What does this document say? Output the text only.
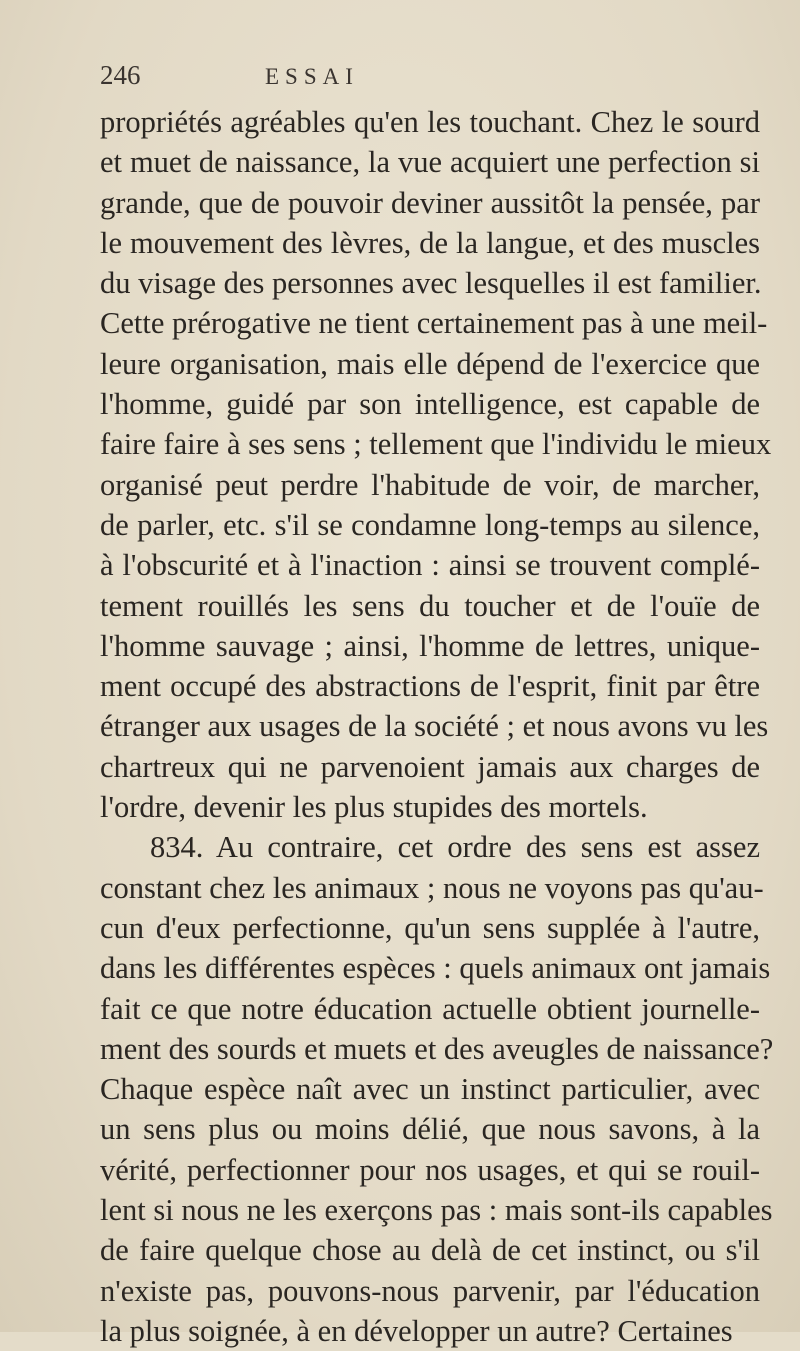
246	ESSAI
propriétés agréables qu'en les touchant. Chez le sourd
et muet de naissance, la vue acquiert une perfection si
grande, que de pouvoir deviner aussitôt la pensée, par
le mouvement des lèvres, de la langue, et des muscles
du visage des personnes avec lesquelles il est familier.
Cette prérogative ne tient certainement pas à une meil-
leure organisation, mais elle dépend de l'exercice que
l'homme, guidé par son intelligence, est capable de
faire faire à ses sens ; tellement que l'individu le mieux
organisé peut perdre l'habitude de voir, de marcher,
de parler, etc. s'il se condamne long-temps au silence,
à l'obscurité et à l'inaction : ainsi se trouvent complé-
tement rouillés les sens du toucher et de l'ouïe de
l'homme sauvage ; ainsi, l'homme de lettres, unique-
ment occupé des abstractions de l'esprit, finit par être
étranger aux usages de la société ; et nous avons vu les
chartreux qui ne parvenoient jamais aux charges de
l'ordre, devenir les plus stupides des mortels.
834. Au contraire, cet ordre des sens est assez
constant chez les animaux ; nous ne voyons pas qu'au-
cun d'eux perfectionne, qu'un sens supplée à l'autre,
dans les différentes espèces : quels animaux ont jamais
fait ce que notre éducation actuelle obtient journelle-
ment des sourds et muets et des aveugles de naissance?
Chaque espèce naît avec un instinct particulier, avec
un sens plus ou moins délié, que nous savons, à la
vérité, perfectionner pour nos usages, et qui se rouil-
lent si nous ne les exerçons pas : mais sont-ils capables
de faire quelque chose au delà de cet instinct, ou s'il
n'existe pas, pouvons-nous parvenir, par l'éducation
la plus soignée, à en développer un autre? Certaines
